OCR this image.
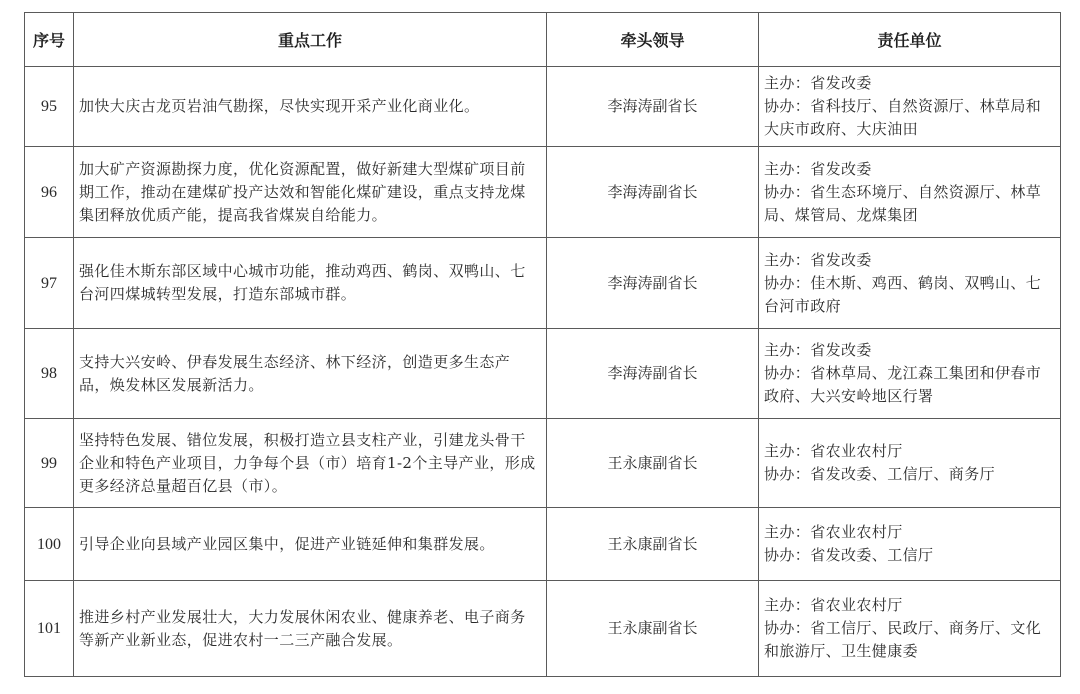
序号	重点工作	牵头领导	责任单位
95	加快大庆古龙页岩油气勘探，尽快实现开采产业化商业化。	李海涛副省长	主办：省发改委
协办：省科技厅、自然资源厅、林草局和大庆市政府、大庆油田

96	加大矿产资源勘探力度，优化资源配置，做好新建大型煤矿项目前期工作，推动在建煤矿投产达效和智能化煤矿建设，重点支持龙煤集团释放优质产能，提高我省煤炭自给能力。	李海涛副省长	主办：省发改委
协办：省生态环境厅、自然资源厅、林草局、煤管局、龙煤集团

97	强化佳木斯东部区域中心城市功能，推动鸡西、鹤岗、双鸭山、七台河四煤城转型发展，打造东部城市群。	李海涛副省长	主办：省发改委
协办：佳木斯、鸡西、鹤岗、双鸭山、七台河市政府

98	支持大兴安岭、伊春发展生态经济、林下经济，创造更多生态产品，焕发林区发展新活力。	李海涛副省长	主办：省发改委
协办：省林草局、龙江森工集团和伊春市政府、大兴安岭地区行署

99	坚持特色发展、错位发展，积极打造立县支柱产业，引建龙头骨干企业和特色产业项目，力争每个县（市）培育1-2个主导产业，形成更多经济总量超百亿县（市）。	王永康副省长	主办：省农业农村厅
协办：省发改委、工信厅、商务厅

100	引导企业向县域产业园区集中，促进产业链延伸和集群发展。	王永康副省长	主办：省农业农村厅
协办：省发改委、工信厅

101	推进乡村产业发展壮大，大力发展休闲农业、健康养老、电子商务等新产业新业态，促进农村一二三产融合发展。	王永康副省长	主办：省农业农村厅
协办：省工信厅、民政厅、商务厅、文化和旅游厅、卫生健康委
